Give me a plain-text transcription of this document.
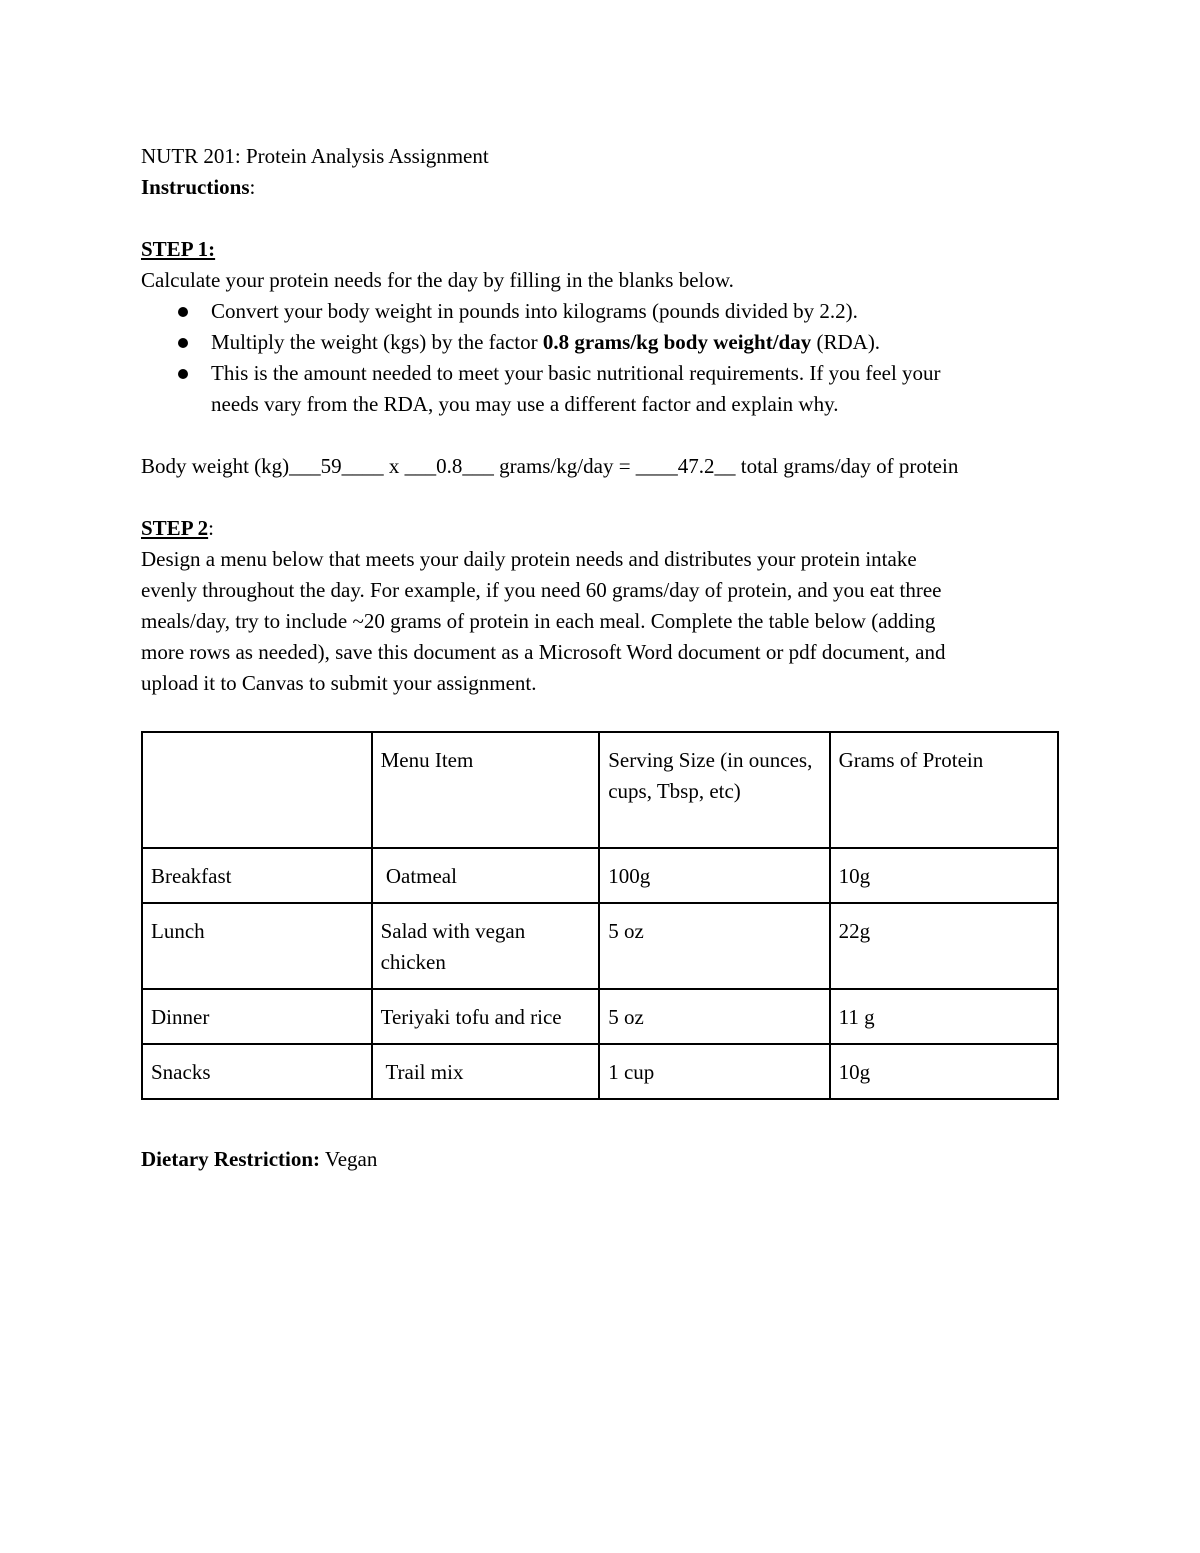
NUTR 201: Protein Analysis Assignment

Instructions:

STEP 1:

Calculate your protein needs for the day by filling in the blanks below.

Convert your body weight in pounds into kilograms (pounds divided by 2.2).
Multiply the weight (kgs) by the factor 0.8 grams/kg body weight/day (RDA).
This is the amount needed to meet your basic nutritional requirements. If you feel your
needs vary from the RDA, you may use a different factor and explain why.

Body weight (kg)___59____ x ___0.8___ grams/kg/day = ____47.2__ total grams/day of protein

STEP 2:

Design a menu below that meets your daily protein needs and distributes your protein intake

evenly throughout the day. For example, if you need 60 grams/day of protein, and you eat three

meals/day, try to include ~20 grams of protein in each meal. Complete the table below (adding

more rows as needed), save this document as a Microsoft Word document or pdf document, and

upload it to Canvas to submit your assignment.

	Menu Item	Serving Size (in ounces, cups, Tbsp, etc)	Grams of Protein
Breakfast	Oatmeal	100g	10g
Lunch	Salad with vegan chicken	5 oz	22g
Dinner	Teriyaki tofu and rice	5 oz	11 g
Snacks	Trail mix	1 cup	10g

Dietary Restriction: Vegan
